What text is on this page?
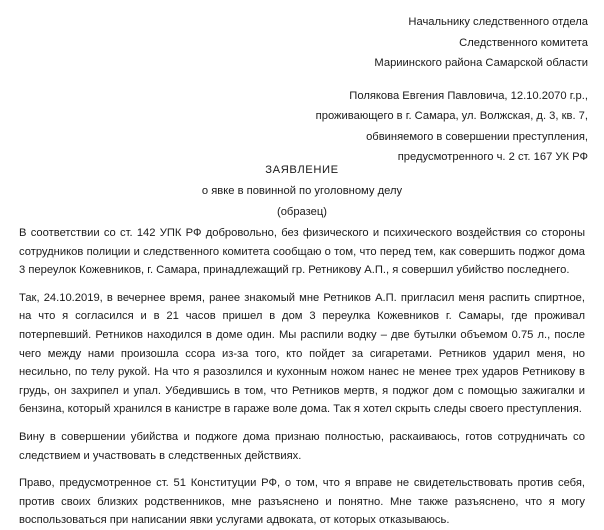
Начальнику следственного отдела
Следственного комитета
Мариинского района Самарской области
Полякова Евгения Павловича, 12.10.2070 г.р.,
проживающего в г. Самара, ул. Волжская, д. 3, кв. 7,
обвиняемого в совершении преступления,
предусмотренного ч. 2 ст. 167 УК РФ
ЗАЯВЛЕНИЕ
о явке в повинной по уголовному делу
(образец)

В соответствии со ст. 142 УПК РФ добровольно, без физического и психического воздействия со стороны сотрудников полиции и следственного комитета сообщаю о том, что перед тем, как совершить поджог дома 3 переулок Кожевников, г. Самара, принадлежащий гр. Ретникову А.П., я совершил убийство последнего.

Так, 24.10.2019, в вечернее время, ранее знакомый мне Ретников А.П. пригласил меня распить спиртное, на что я согласился и в 21 часов пришел в дом 3 переулка Кожевников г. Самары, где проживал потерпевший. Ретников находился в доме один. Мы распили водку – две бутылки объемом 0.75 л., после чего между нами произошла ссора из-за того, кто пойдет за сигаретами. Ретников ударил меня, но несильно, по телу рукой. На что я разозлился и кухонным ножом нанес не менее трех ударов Ретникову в грудь, он захрипел и упал. Убедившись в том, что Ретников мертв, я поджог дом с помощью зажигалки и бензина, который хранился в канистре в гараже воле дома. Так я хотел скрыть следы своего преступления.

Вину в совершении убийства и поджоге дома признаю полностью, раскаиваюсь, готов сотрудничать со следствием и участвовать в следственных действиях.

Право, предусмотренное ст. 51 Конституции РФ, о том, что я вправе не свидетельствовать против себя, против своих близких родственников, мне разъяснено и понятно. Мне также разъяснено, что я могу воспользоваться при написании явки услугами адвоката, от которых отказываюсь.
